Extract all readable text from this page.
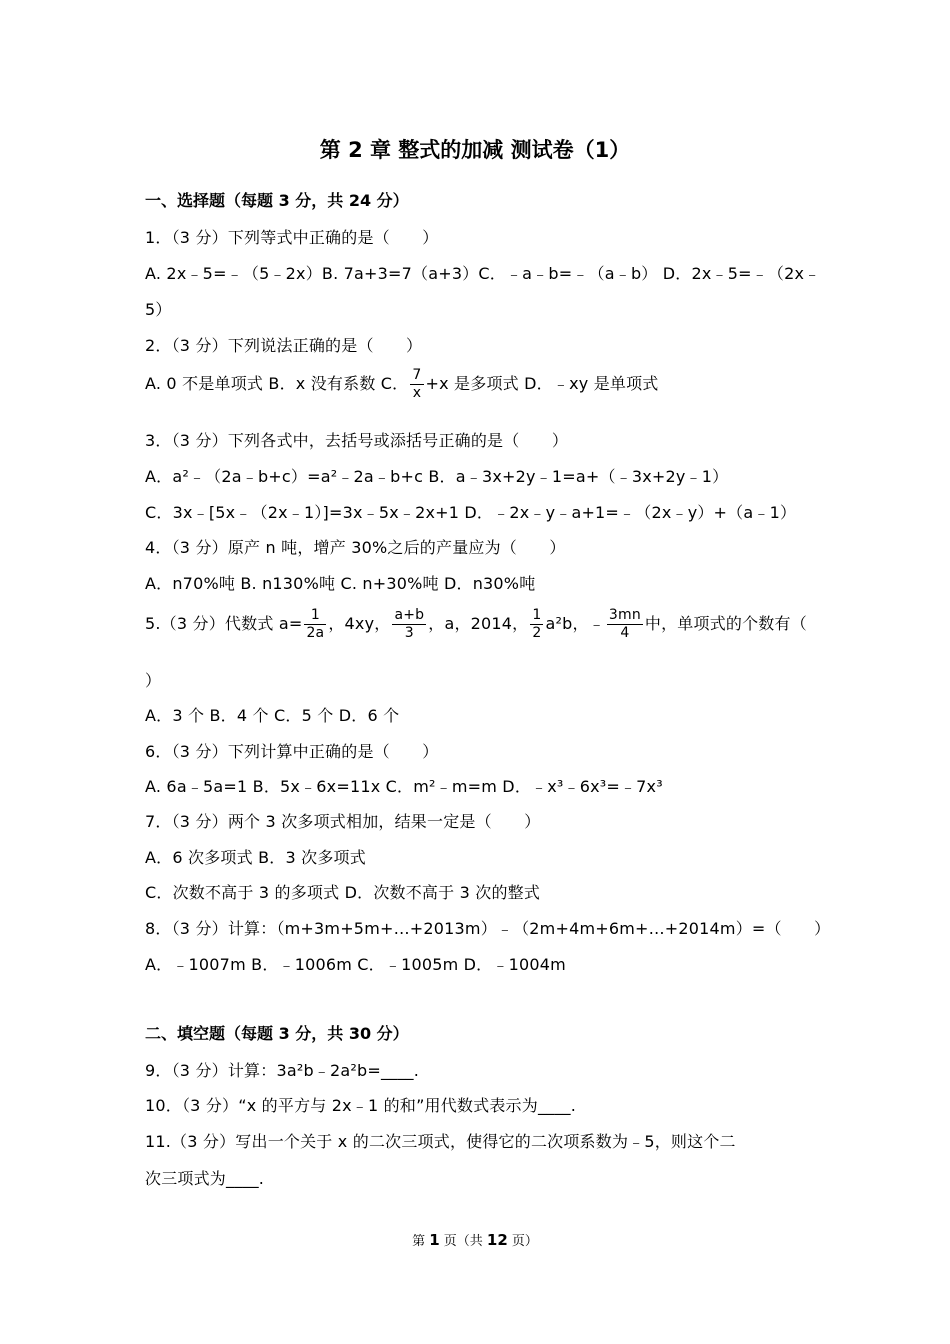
第 2 章 整式的加减 测试卷（1）
一、选择题（每题 3 分，共 24 分）
1．（3 分）下列等式中正确的是（　　）
A. 2x﹣5=﹣（5﹣2x）B. 7a+3=7（a+3）C．﹣a﹣b=﹣（a﹣b） D．2x﹣5=﹣（2x﹣
5）
2．（3 分）下列说法正确的是（　　）
A. 0 不是单项式 B．x 没有系数 C． $\frac{7}{x} +x$ 是多项式 D．﹣xy 是单项式
3．（3 分）下列各式中，去括号或添括号正确的是（　　）
A．a²﹣（2a﹣b+c）=a²﹣2a﹣b+c B．a﹣3x+2y﹣1=a+（﹣3x+2y﹣1）
C．3x﹣[5x﹣（2x﹣1）]=3x﹣5x﹣2x+1 D．﹣2x﹣y﹣a+1=﹣（2x﹣y）+（a﹣1）
4．（3 分）原产 n 吨，增产 30%之后的产量应为（　　）
A．n70%吨 B. n130%吨 C. n+30%吨 D．n30%吨
5.（3 分）代数式 $a= \frac{1}{2a}$ ，4xy， $\frac{a+b}{3}$ ，a，2014， $\frac{1}{2} a^2b$，﹣ $\frac{3mn}{4}$ 中，单项式的个数有（
）
A．3 个 B．4 个 C．5 个 D．6 个
6．（3 分）下列计算中正确的是（　　）
A. 6a﹣5a=1 B．5x﹣6x=11x C．m²﹣m=m D．﹣x³﹣6x³=﹣7x³
7．（3 分）两个 3 次多项式相加，结果一定是（　　）
A．6 次多项式 B．3 次多项式
C．次数不高于 3 的多项式 D．次数不高于 3 次的整式
8．（3 分）计算：（m+3m+5m+…+2013m）﹣（2m+4m+6m+…+2014m）=（　　）
A．﹣1007m B．﹣1006m C．﹣1005m D．﹣1004m
二、填空题（每题 3 分，共 30 分）
9．（3 分）计算：3a²b﹣2a²b=____.
10．（3 分）“x 的平方与 2x﹣1 的和”用代数式表示为____.
11.（3 分）写出一个关于 x 的二次三项式，使得它的二次项系数为﹣5，则这个二
次三项式为____.
第 1 页（共 12 页）
